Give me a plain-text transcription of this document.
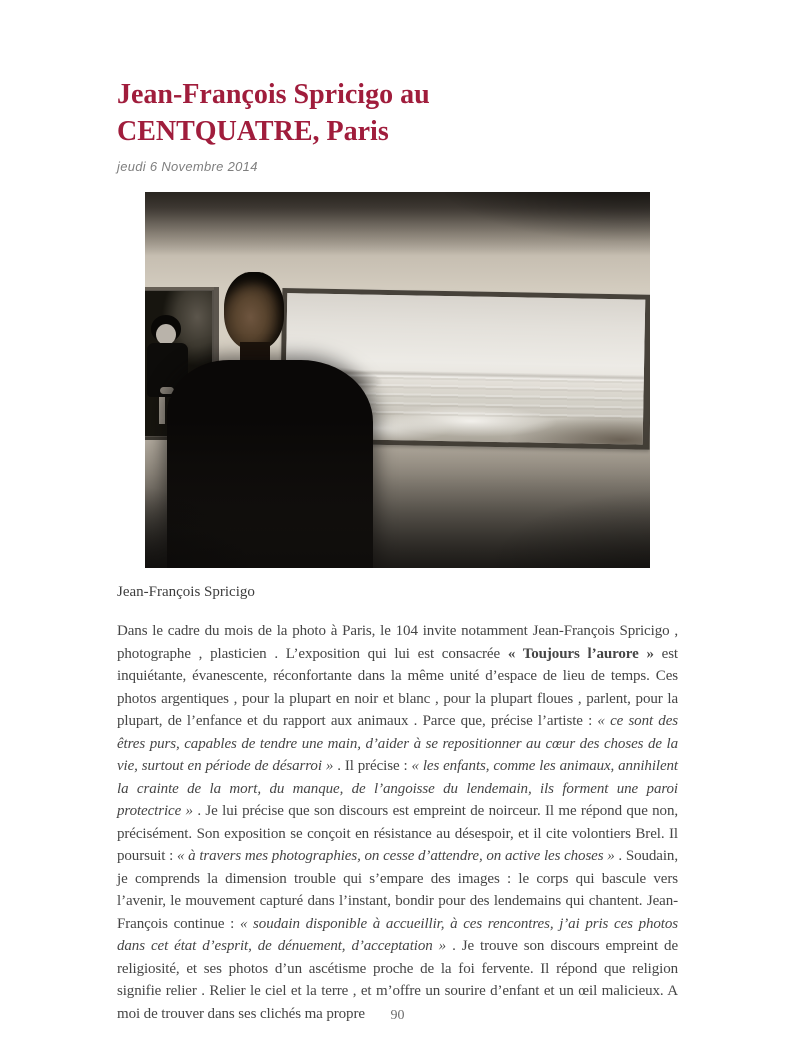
Jean-François Spricigo au CENTQUATRE, Paris
jeudi 6 Novembre 2014
Jean-François Spricigo

Dans le cadre du mois de la photo à Paris, le 104 invite notamment Jean-François Spricigo , photographe , plasticien . L’exposition qui lui est consacrée « Toujours l’aurore » est inquiétante, évanescente, réconfortante dans la même unité d’espace de lieu de temps. Ces photos argentiques , pour la plupart en noir et blanc , pour la plupart floues , parlent, pour la plupart, de l’enfance et du rapport aux animaux . Parce que, précise l’artiste : « ce sont des êtres purs, capables de tendre une main, d’aider à se repositionner au cœur des choses de la vie, surtout en période de désarroi » . Il précise : « les enfants, comme les animaux, annihilent la crainte de la mort, du manque, de l’angoisse du lendemain, ils forment une paroi protectrice » . Je lui précise que son discours est empreint de noirceur. Il me répond que non, précisément. Son exposition se conçoit en résistance au désespoir, et il cite volontiers Brel. Il poursuit : « à travers mes photographies, on cesse d’attendre, on active les choses » . Soudain, je comprends la dimension trouble qui s’empare des images : le corps qui bascule vers l’avenir, le mouvement capturé dans l’instant, bondir pour des lendemains qui chantent. Jean-François continue : « soudain disponible à accueillir, à ces rencontres, j’ai pris ces photos dans cet état d’esprit, de dénuement, d’acceptation » . Je trouve son discours empreint de religiosité, et ses photos d’un ascétisme proche de la foi fervente. Il répond que religion signifie relier . Relier le ciel et la terre , et m’offre un sourire d’enfant et un œil malicieux. A moi de trouver dans ses clichés ma propre	90
